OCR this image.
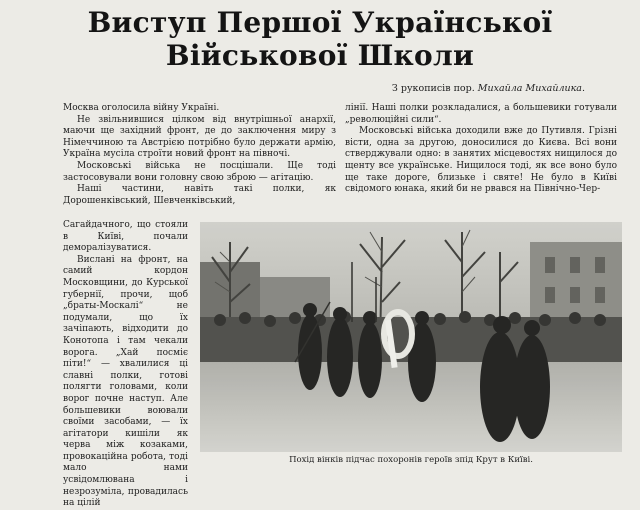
Виступ Першої Української Військової Школи
З рукописів пор. Михайла Михайлика.

Москва оголосила війну Україні.

Не звільнившися цілком від внутрішньої анархії, маючи ще західний фронт, де до заключення миру з Німеччиною та Австрією потрібно було держати армію, Україна мусіла строїти новий фронт на півночі.

Московські війська не посцішали. Ще тоді застосовували вони головну свою зброю — агітацію.

Наші частини, навіть такі полки, як Дорошенківський, Шевченківський,

Сагайдачного, що стояли в Київі, почали деморалізуватися.

Вислані на фронт, на самий кордон Московщини, до Курської губернії, прочи, щоб „браты-Москалі“ не подумали, що їх зачіпають, відходити до Конотопа і там чекали ворога. „Хай посміє піти!“ — хвалилися ці славні полки, готові полягти головами, коли ворог почне наступ. Але большевики воювали своїми засобами, — їх агітатори кишіли як черва між козаками, провокаційна робота, тоді мало нами усвідомлювана і незрозуміла, провадилась на цілій

лінії. Наші полки розкладалися, а большевики готували „революційні сили“.

Московські війська доходили вже до Путивля. Грізні вісти, одна за другою, доносилися до Києва. Всі вони стверджували одно: в занятих місцевостях нищилося до щенту все українське. Нищилося тоді, як все воно було ще таке дороге, близьке і святе! Не було в Київі свідомого юнака, який би не рвався на Північно-Чер-

Похід вінків підчас похоронів героїв зпід Крут в Київі.
